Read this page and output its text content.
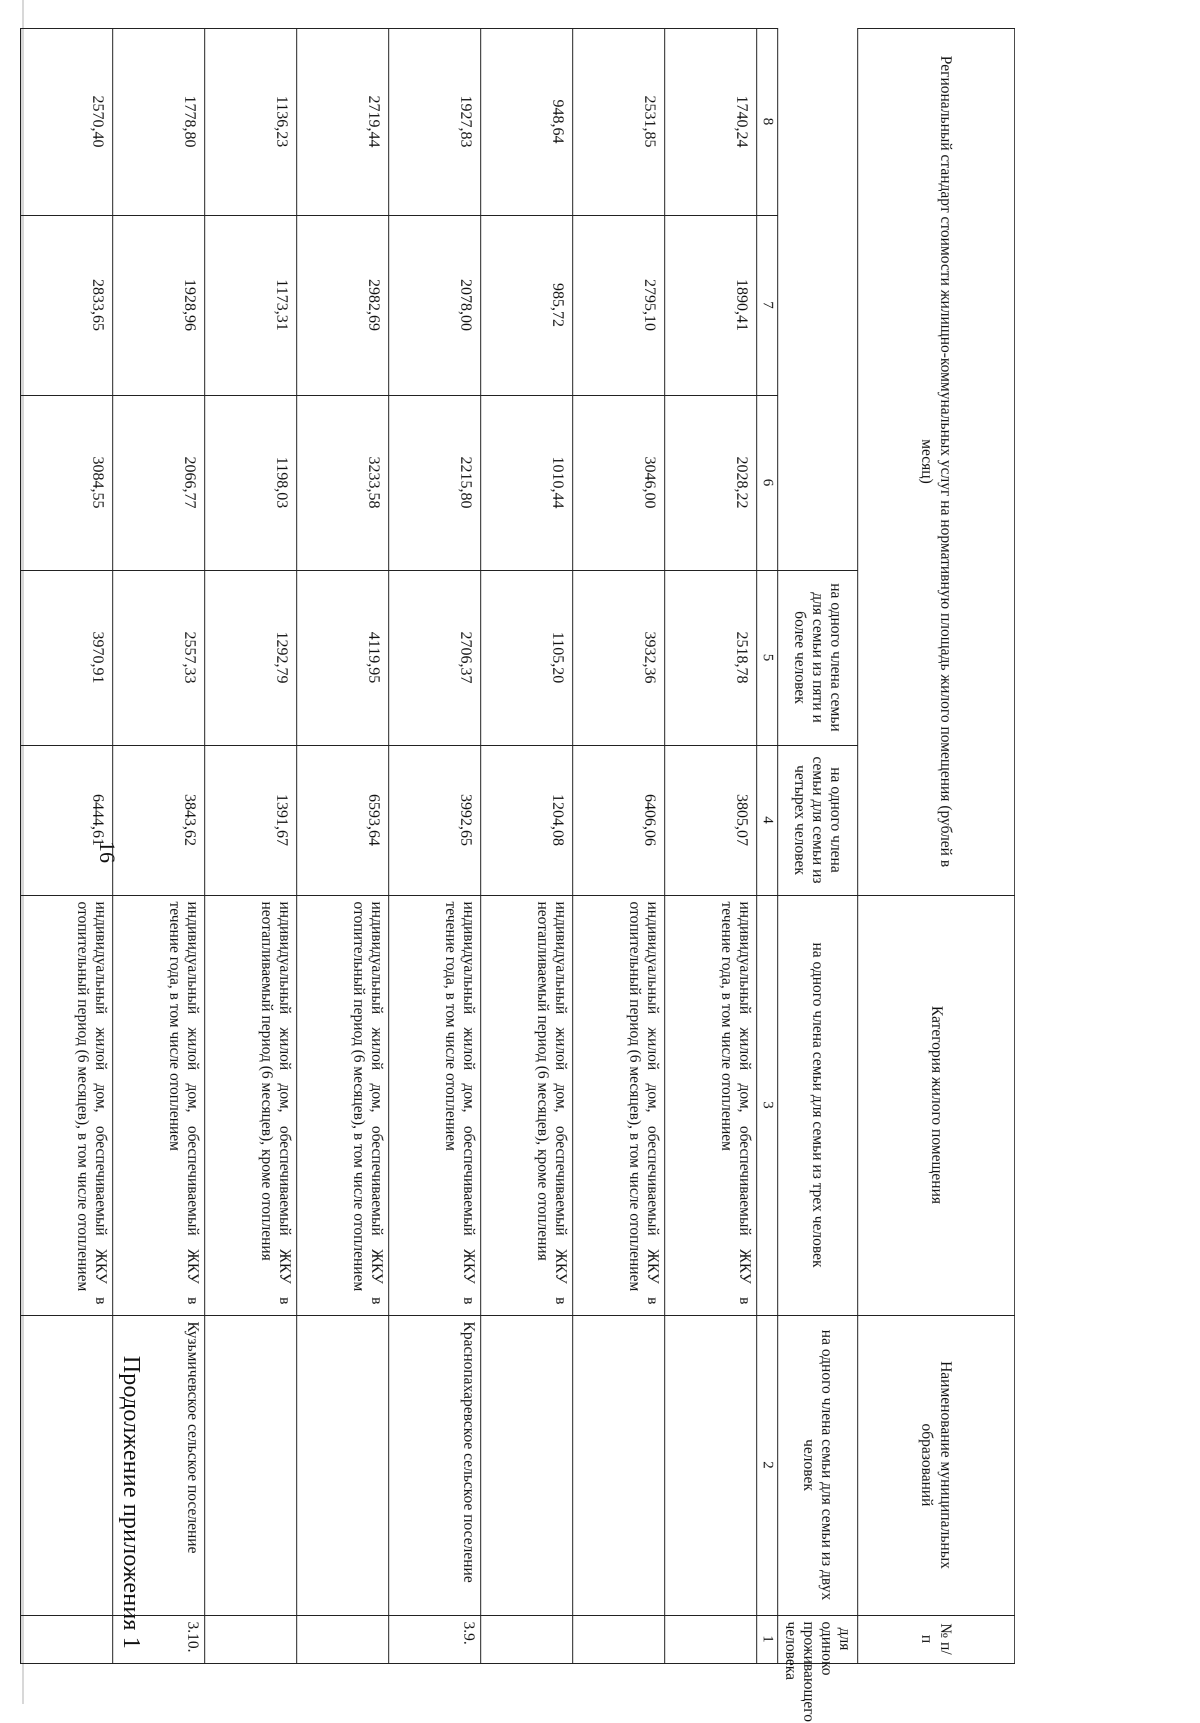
16
Продолжение приложения 1
		индивидуальный жилой дом, обеспечиваемый ЖКУ в отопительный период (6 месяцев), в том числе отоплением	6444,61	3970,91	3084,55	2833,65	2570,40
3.10.	Кузьмичевское сельское поселение	индивидуальный жилой дом, обеспечиваемый ЖКУ в течение года, в том числе отоплением	3843,62	2557,33	2066,77	1928,96	1778,80
		индивидуальный жилой дом, обеспечиваемый ЖКУ в неотапливаемый период (6 месяцев), кроме отопления	1391,67	1292,79	1198,03	1173,31	1136,23
		индивидуальный жилой дом, обеспечиваемый ЖКУ в отопительный период (6 месяцев), в том числе отоплением	6593,64	4119,95	3233,58	2982,69	2719,44
3.9.	Краснопахаревское сельское поселение	индивидуальный жилой дом, обеспечиваемый ЖКУ в течение года, в том числе отоплением	3992,65	2706,37	2215,80	2078,00	1927,83
		индивидуальный жилой дом, обеспечиваемый ЖКУ в неотапливаемый период (6 месяцев), кроме отопления	1204,08	1105,20	1010,44	985,72	948,64
		индивидуальный жилой дом, обеспечиваемый ЖКУ в отопительный период (6 месяцев), в том числе отоплением	6406,06	3932,36	3046,00	2795,10	2531,85
		индивидуальный жилой дом, обеспечиваемый ЖКУ в течение года, в том числе отоплением	3805,07	2518,78	2028,22	1890,41	1740,24
1	2	3	4	5	6	7	8
для одиноко проживающего человека	на одного члена семьи для семьи из двух человек	на одного члена семьи для семьи из трех человек	на одного члена семьи для семьи из четырех человек	на одного члена семьи для семьи из пяти и более человек			
№ п/п	Наименование муниципальных образований	Категория жилого помещения	Региональный стандарт стоимости жилищно-коммунальных услуг на нормативную площадь жилого помещения (рублей в месяц)				
